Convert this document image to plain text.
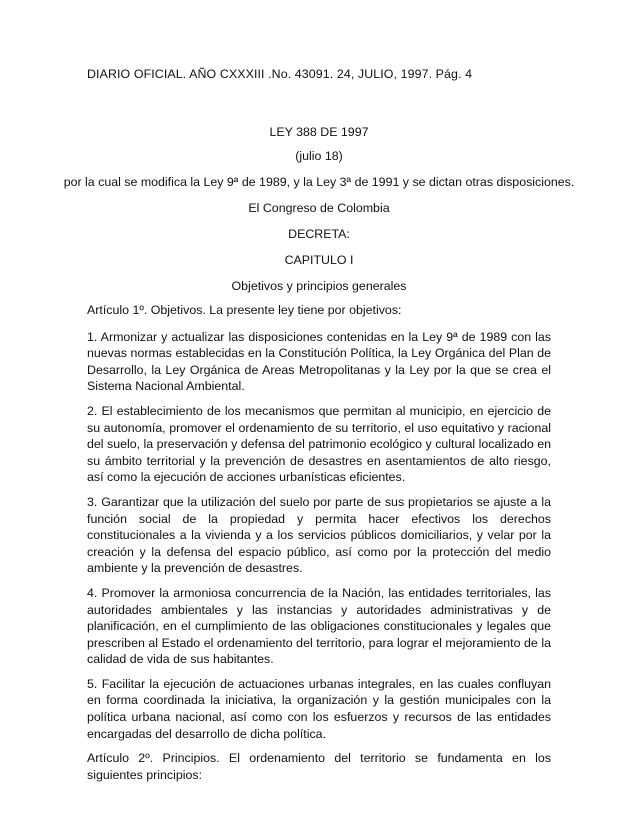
DIARIO OFICIAL. AÑO CXXXIII .No. 43091. 24, JULIO, 1997. Pág. 4

LEY 388 DE 1997

(julio 18)

por la cual se modifica la Ley 9ª de 1989, y la Ley 3ª de 1991 y se dictan otras disposiciones.

El Congreso de Colombia

DECRETA:

CAPITULO I

Objetivos y principios generales

Artículo 1º. Objetivos. La presente ley tiene por objetivos:

1. Armonizar y actualizar las disposiciones contenidas en la Ley 9ª de 1989 con las nuevas normas establecidas en la Constitución Política, la Ley Orgánica del Plan de Desarrollo, la Ley Orgánica de Areas Metropolitanas y la Ley por la que se crea el Sistema Nacional Ambiental.

2. El establecimiento de los mecanismos que permitan al municipio, en ejercicio de su autonomía, promover el ordenamiento de su territorio, el uso equitativo y racional del suelo, la preservación y defensa del patrimonio ecológico y cultural localizado en su ámbito territorial y la prevención de desastres en asentamientos de alto riesgo, así como la ejecución de acciones urbanísticas eficientes.

3. Garantizar que la utilización del suelo por parte de sus propietarios se ajuste a la función social de la propiedad y permita hacer efectivos los derechos constitucionales a la vivienda y a los servicios públicos domiciliarios, y velar por la creación y la defensa del espacio público, así como por la protección del medio ambiente y la prevención de desastres.

4. Promover la armoniosa concurrencia de la Nación, las entidades territoriales, las autoridades ambientales y las instancias y autoridades administrativas y de planificación, en el cumplimiento de las obligaciones constitucionales y legales que prescriben al Estado el ordenamiento del territorio, para lograr el mejoramiento de la calidad de vida de sus habitantes.

5. Facilitar la ejecución de actuaciones urbanas integrales, en las cuales confluyan en forma coordinada la iniciativa, la organización y la gestión municipales con la política urbana nacional, así como con los esfuerzos y recursos de las entidades encargadas del desarrollo de dicha política.

Artículo 2º. Principios. El ordenamiento del territorio se fundamenta en los siguientes principios:
